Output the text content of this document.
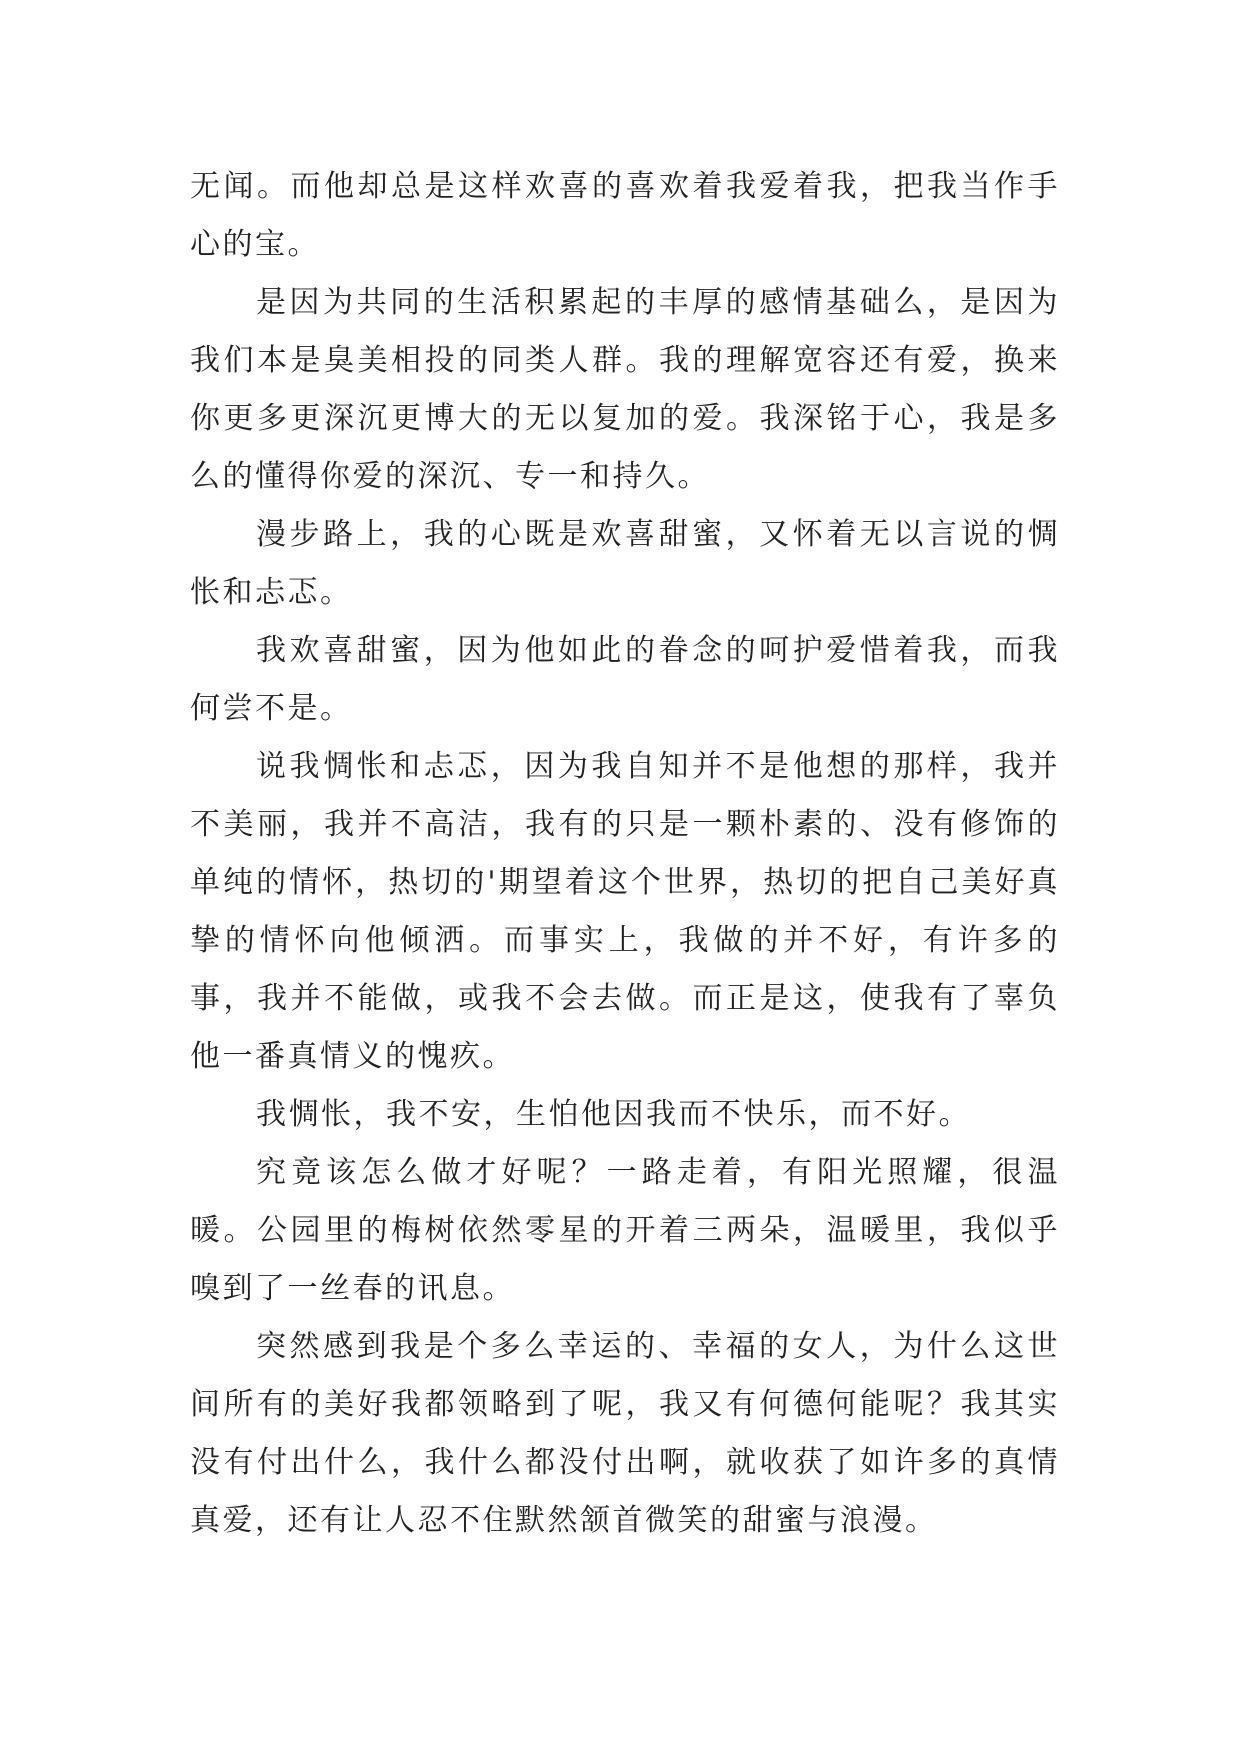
无闻。而他却总是这样欢喜的喜欢着我爱着我，把我当作手心的宝。

是因为共同的生活积累起的丰厚的感情基础么，是因为我们本是臭美相投的同类人群。我的理解宽容还有爱，换来你更多更深沉更博大的无以复加的爱。我深铭于心，我是多么的懂得你爱的深沉、专一和持久。

漫步路上，我的心既是欢喜甜蜜，又怀着无以言说的惆怅和忐忑。

我欢喜甜蜜，因为他如此的眷念的呵护爱惜着我，而我何尝不是。

说我惆怅和忐忑，因为我自知并不是他想的那样，我并不美丽，我并不高洁，我有的只是一颗朴素的、没有修饰的单纯的情怀，热切的'期望着这个世界，热切的把自己美好真挚的情怀向他倾洒。而事实上，我做的并不好，有许多的事，我并不能做，或我不会去做。而正是这，使我有了辜负他一番真情义的愧疚。

我惆怅，我不安，生怕他因我而不快乐，而不好。

究竟该怎么做才好呢？一路走着，有阳光照耀，很温暖。公园里的梅树依然零星的开着三两朵，温暖里，我似乎嗅到了一丝春的讯息。

突然感到我是个多么幸运的、幸福的女人，为什么这世间所有的美好我都领略到了呢，我又有何德何能呢？我其实没有付出什么，我什么都没付出啊，就收获了如许多的真情真爱，还有让人忍不住默然颔首微笑的甜蜜与浪漫。
